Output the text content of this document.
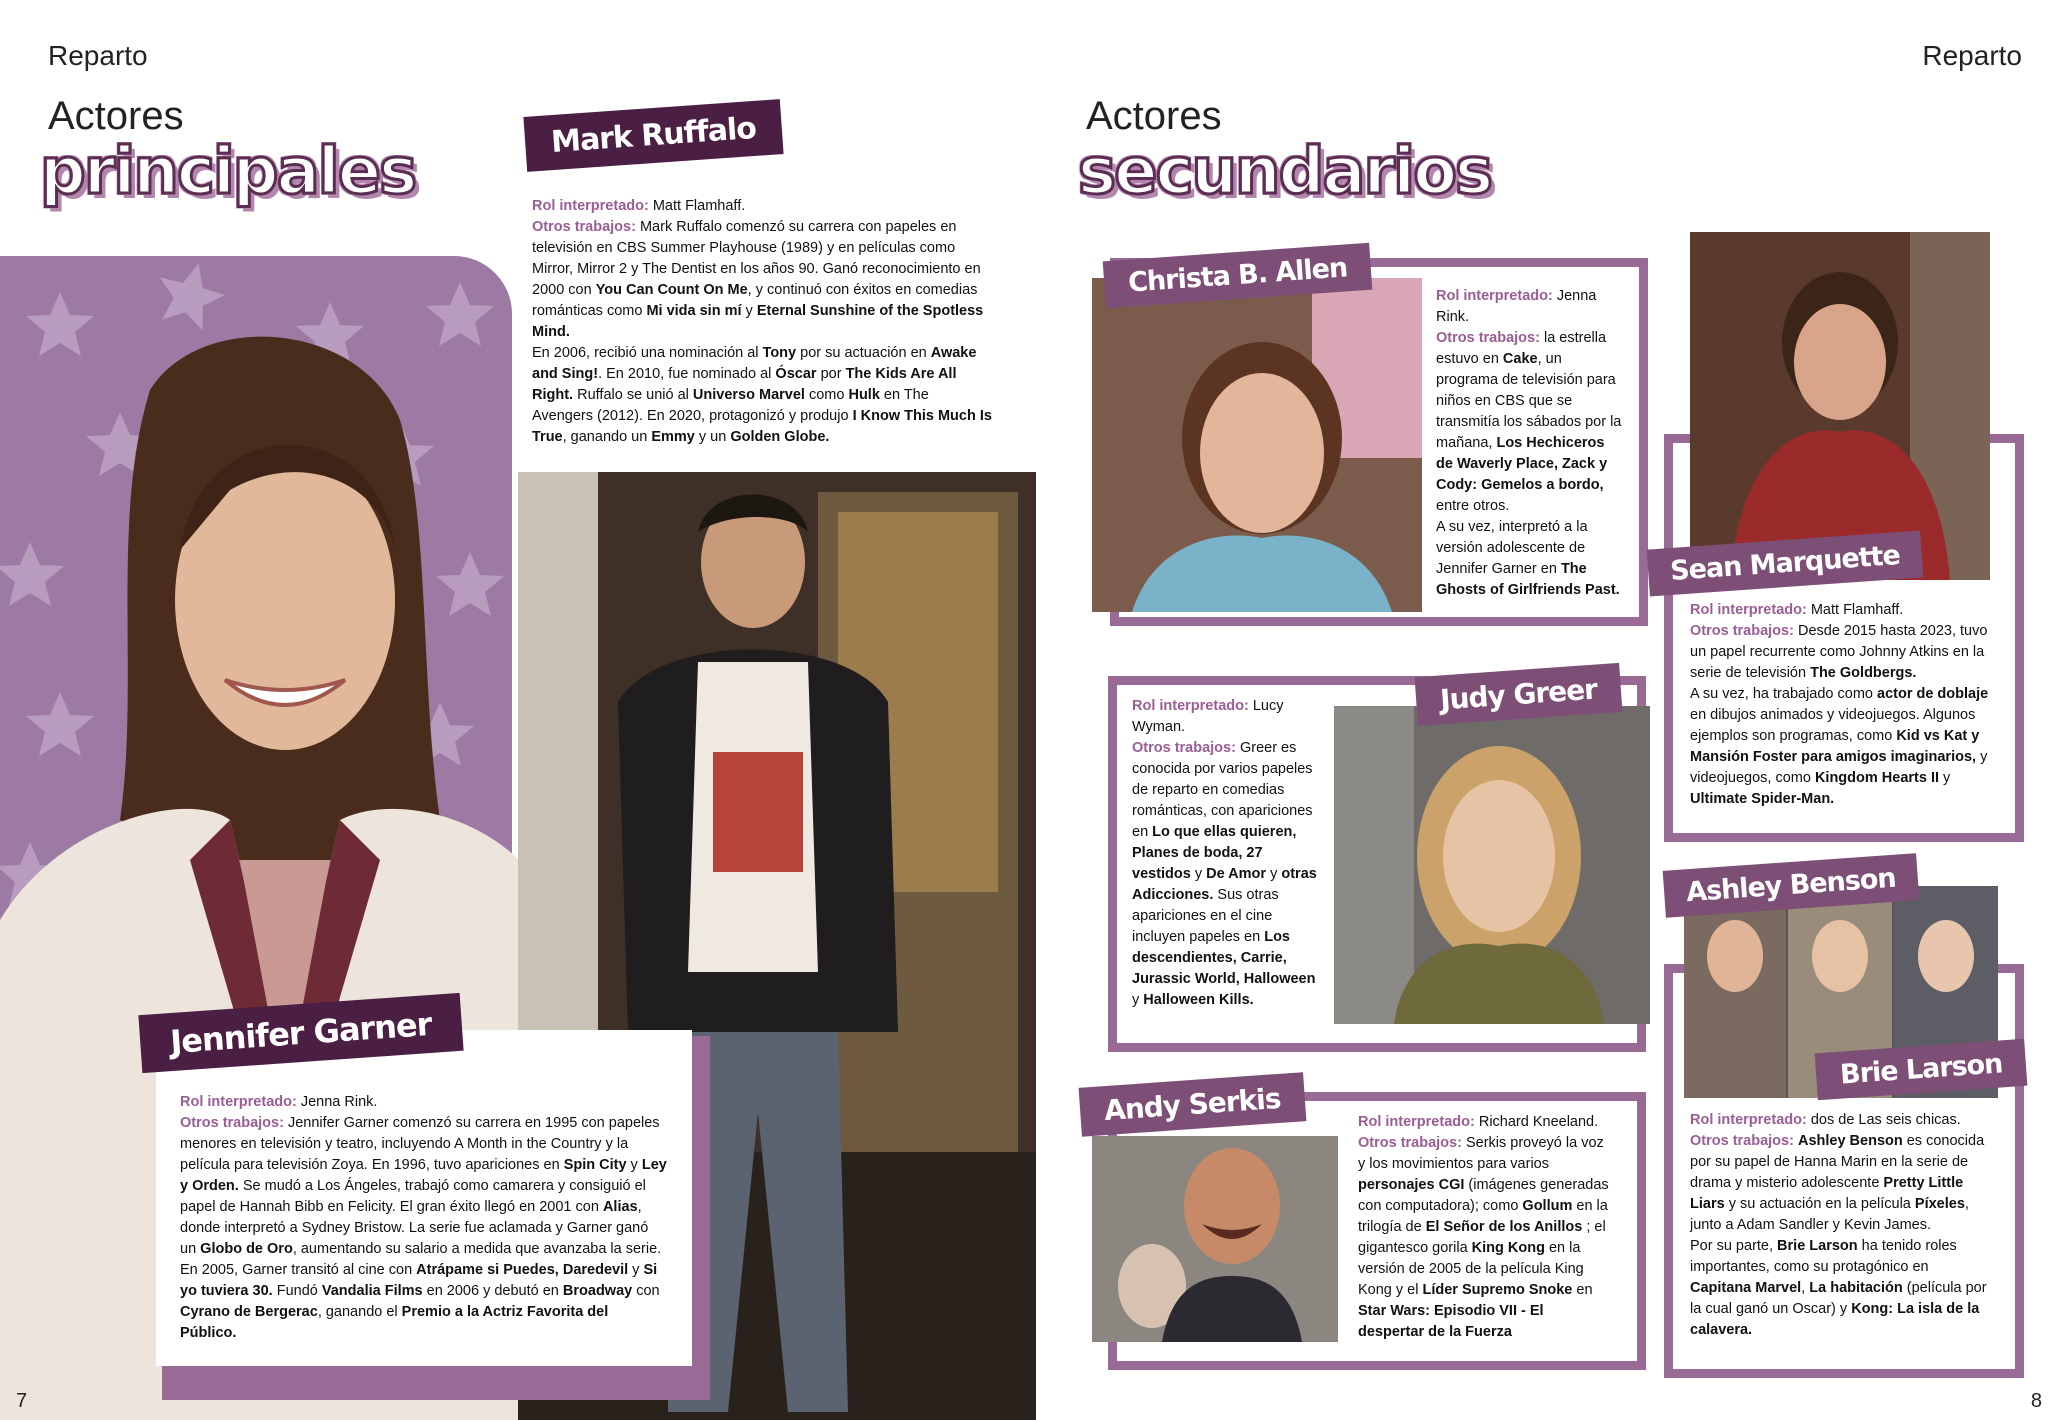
Reparto
Actores
principales	Mark Ruffalo

Rol interpretado: Matt Flamhaff.

Otros trabajos: Mark Ruffalo comenzó su carrera con papeles en televisión en CBS Summer Playhouse (1989) y en películas como Mirror, Mirror 2 y The Dentist en los años 90. Ganó reconocimiento en 2000 con You Can Count On Me, y continuó con éxitos en comedias románticas como Mi vida sin mí y Eternal Sunshine of the Spotless Mind.

En 2006, recibió una nominación al Tony por su actuación en Awake and Sing!. En 2010, fue nominado al Óscar por The Kids Are All Right. Ruffalo se unió al Universo Marvel como Hulk en The Avengers (2012). En 2020, protagonizó y produjo I Know This Much Is True, ganando un Emmy y un Golden Globe.

Jennifer Garner

Rol interpretado: Jenna Rink.

Otros trabajos: Jennifer Garner comenzó su carrera en 1995 con papeles menores en televisión y teatro, incluyendo A Month in the Country y la película para televisión Zoya. En 1996, tuvo apariciones en Spin City y Ley y Orden. Se mudó a Los Ángeles, trabajó como camarera y consiguió el papel de Hannah Bibb en Felicity. El gran éxito llegó en 2001 con Alias, donde interpretó a Sydney Bristow. La serie fue aclamada y Garner ganó un Globo de Oro, aumentando su salario a medida que avanzaba la serie. En 2005, Garner transitó al cine con Atrápame si Puedes, Daredevil y Si yo tuviera 30. Fundó Vandalia Films en 2006 y debutó en Broadway con Cyrano de Bergerac, ganando el Premio a la Actriz Favorita del Público.

7
Reparto
Actores
secundarios
Christa B. Allen	Rol interpretado: Jenna Rink.

Otros trabajos: la estrella estuvo en Cake, un programa de televisión para niños en CBS que se transmitía los sábados por la mañana, Los Hechiceros de Waverly Place, Zack y Cody: Gemelos a bordo, entre otros.

A su vez, interpretó a la versión adolescente de Jennifer Garner en The Ghosts of Girlfriends Past.

Sean Marquette

Rol interpretado: Matt Flamhaff.

Otros trabajos: Desde 2015 hasta 2023, tuvo un papel recurrente como Johnny Atkins en la serie de televisión The Goldbergs.

A su vez, ha trabajado como actor de doblaje en dibujos animados y videojuegos. Algunos ejemplos son programas, como Kid vs Kat y Mansión Foster para amigos imaginarios, y videojuegos, como Kingdom Hearts II y Ultimate Spider-Man.

Judy Greer

Rol interpretado: Lucy Wyman.

Otros trabajos: Greer es conocida por varios papeles de reparto en comedias románticas, con apariciones en Lo que ellas quieren, Planes de boda, 27 vestidos y De Amor y otras Adicciones. Sus otras apariciones en el cine incluyen papeles en Los descendientes, Carrie, Jurassic World, Halloween y Halloween Kills.

Ashley Benson
Brie Larson

Rol interpretado: dos de Las seis chicas.

Otros trabajos: Ashley Benson es conocida por su papel de Hanna Marin en la serie de drama y misterio adolescente Pretty Little Liars y su actuación en la película Píxeles, junto a Adam Sandler y Kevin James.

Por su parte, Brie Larson ha tenido roles importantes, como su protagónico en Capitana Marvel, La habitación (película por la cual ganó un Oscar) y Kong: La isla de la calavera.

Andy Serkis	Rol interpretado: Richard Kneeland.

Otros trabajos: Serkis proveyó la voz y los movimientos para varios personajes CGI (imágenes generadas con computadora); como Gollum en la trilogía de El Señor de los Anillos ; el gigantesco gorila King Kong en la versión de 2005 de la película King Kong y el Líder Supremo Snoke en Star Wars: Episodio VII - El despertar de la Fuerza

8
